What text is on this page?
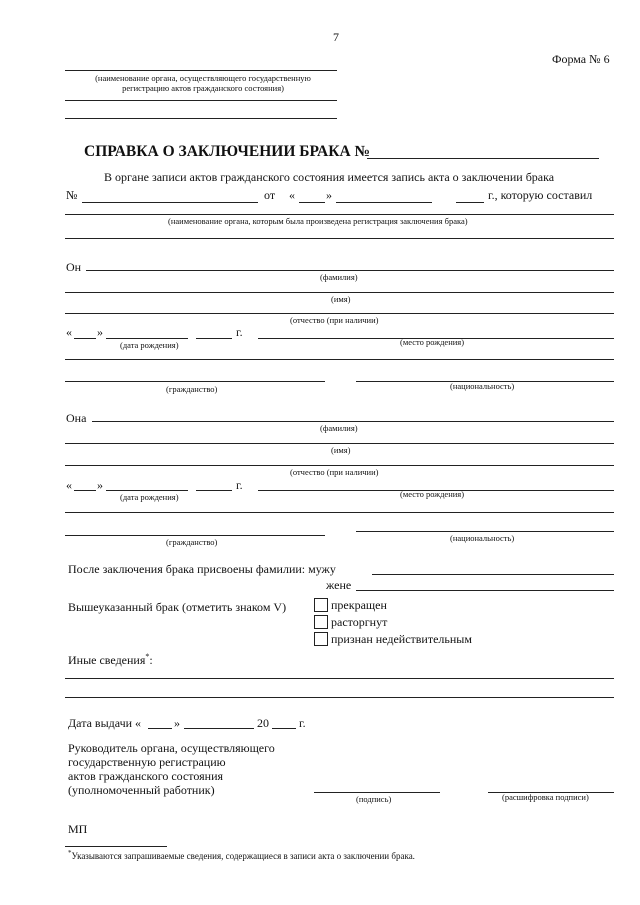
7
Форма № 6
(наименование органа, осуществляющего государственную регистрацию актов гражданского состояния)
СПРАВКА О ЗАКЛЮЧЕНИИ БРАКА №
В органе записи актов гражданского состояния имеется запись акта о заключении брака
№	от «	»	г., которую составил
(наименование органа, которым была произведена регистрация заключения брака)
Он
(фамилия)
(имя)
(отчество (при наличии)
« »	г.
(дата рождения)	(место рождения)
(гражданство)	(национальность)
Она
(фамилия)
(имя)
(отчество (при наличии)
« »	г.
(дата рождения)	(место рождения)
(гражданство)	(национальность)
После заключения брака присвоены фамилии: мужу
жене
Вышеуказанный брак (отметить знаком V)	прекращен
расторгнут
признан недействительным
Иные сведения*:
Дата выдачи «	»	20	г.
Руководитель органа, осуществляющего
государственную регистрацию
актов гражданского состояния
(уполномоченный работник)
(подпись)	(расшифровка подписи)
МП
*Указываются запрашиваемые сведения, содержащиеся в записи акта о заключении брака.
